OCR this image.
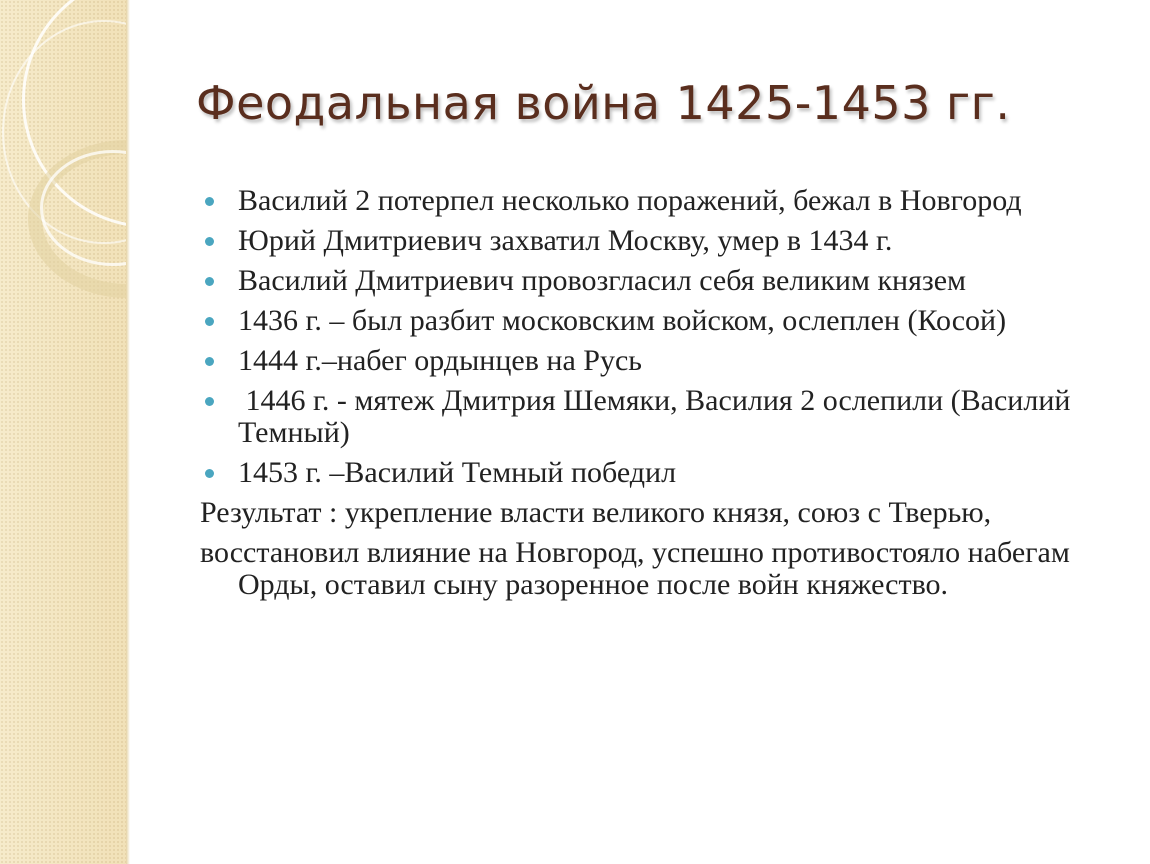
Феодальная война 1425-1453 гг.
Василий 2 потерпел несколько поражений, бежал в Новгород
Юрий Дмитриевич захватил Москву, умер в 1434 г.
Василий Дмитриевич провозгласил себя великим князем
1436 г. – был разбит московским войском, ослеплен (Косой)
1444 г.–набег ордынцев на Русь
1446 г. - мятеж Дмитрия Шемяки, Василия 2 ослепили (Василий Темный)
1453 г. –Василий Темный победил

Результат : укрепление власти великого князя, союз с Тверью,

восстановил влияние на Новгород, успешно противостояло набегам Орды, оставил сыну разоренное после войн княжество.
